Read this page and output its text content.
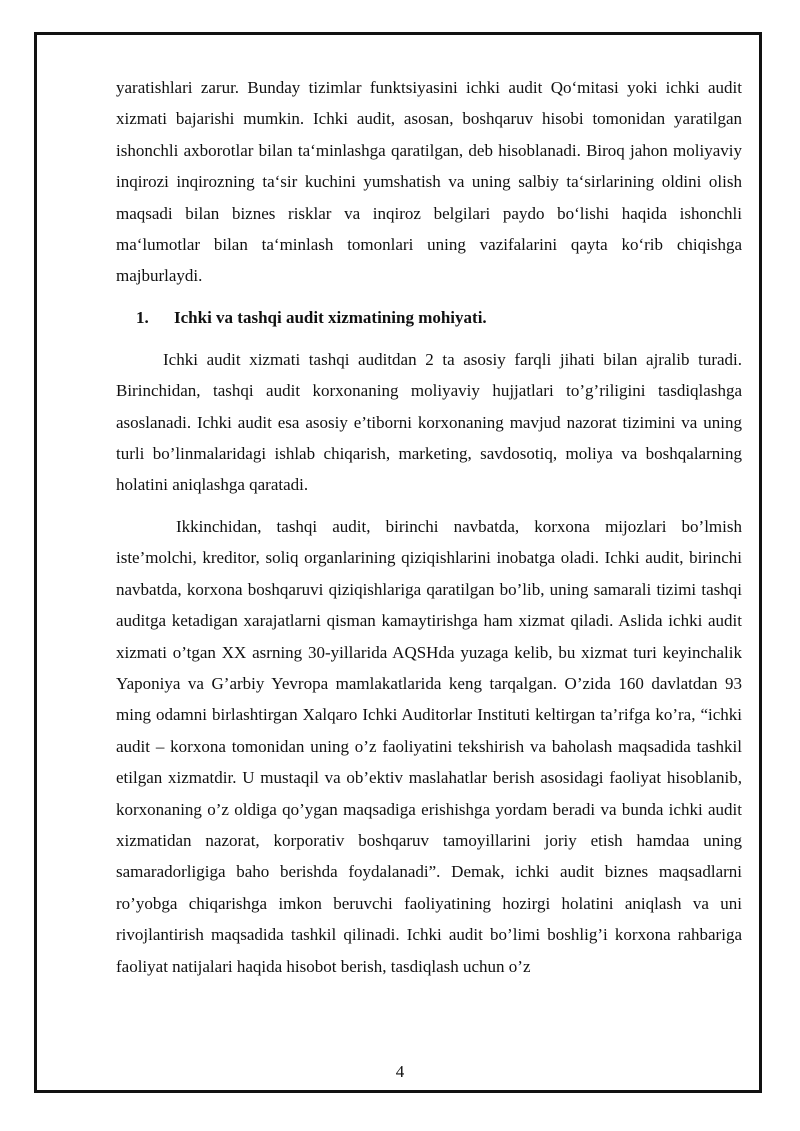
yaratishlari zarur. Bunday tizimlar funktsiyasini ichki audit Qo‘mitasi yoki ichki audit xizmati bajarishi mumkin. Ichki audit, asosan, boshqaruv hisobi tomonidan yaratilgan ishonchli axborotlar bilan ta‘minlashga qaratilgan, deb hisoblanadi. Biroq jahon moliyaviy inqirozi inqirozning ta‘sir kuchini yumshatish va uning salbiy ta‘sirlarining oldini olish maqsadi bilan biznes risklar va inqiroz belgilari paydo bo‘lishi haqida ishonchli ma‘lumotlar bilan ta‘minlash tomonlari uning vazifalarini qayta ko‘rib chiqishga majburlaydi.

1.	Ichki va tashqi audit xizmatining mohiyati.

Ichki audit xizmati tashqi auditdan 2 ta asosiy farqli jihati bilan ajralib turadi. Birinchidan, tashqi audit korxonaning moliyaviy hujjatlari to’g’riligini tasdiqlashga asoslanadi. Ichki audit esa asosiy e’tiborni korxonaning mavjud nazorat tizimini va uning turli bo’linmalaridagi ishlab chiqarish, marketing, savdosotiq, moliya va boshqalarning holatini aniqlashga qaratadi.

Ikkinchidan, tashqi audit, birinchi navbatda, korxona mijozlari bo’lmish iste’molchi, kreditor, soliq organlarining qiziqishlarini inobatga oladi. Ichki audit, birinchi navbatda, korxona boshqaruvi qiziqishlariga qaratilgan bo’lib, uning samarali tizimi tashqi auditga ketadigan xarajatlarni qisman kamaytirishga ham xizmat qiladi. Aslida ichki audit xizmati o’tgan XX asrning 30-yillarida AQSHda yuzaga kelib, bu xizmat turi keyinchalik Yaponiya va G’arbiy Yevropa mamlakatlarida keng tarqalgan. O’zida 160 davlatdan 93 ming odamni birlashtirgan Xalqaro Ichki Auditorlar Instituti keltirgan ta’rifga ko’ra, “ichki audit – korxona tomonidan uning o’z faoliyatini tekshirish va baholash maqsadida tashkil etilgan xizmatdir. U mustaqil va ob’ektiv maslahatlar berish asosidagi faoliyat hisoblanib, korxonaning o’z oldiga qo’ygan maqsadiga erishishga yordam beradi va bunda ichki audit xizmatidan nazorat, korporativ boshqaruv tamoyillarini joriy etish hamdaa uning samaradorligiga baho berishda foydalanadi”. Demak, ichki audit biznes maqsadlarni ro’yobga chiqarishga imkon beruvchi faoliyatining hozirgi holatini aniqlash va uni rivojlantirish maqsadida tashkil qilinadi. Ichki audit bo’limi boshlig’i korxona rahbariga faoliyat natijalari haqida hisobot berish, tasdiqlash uchun o’z

4
